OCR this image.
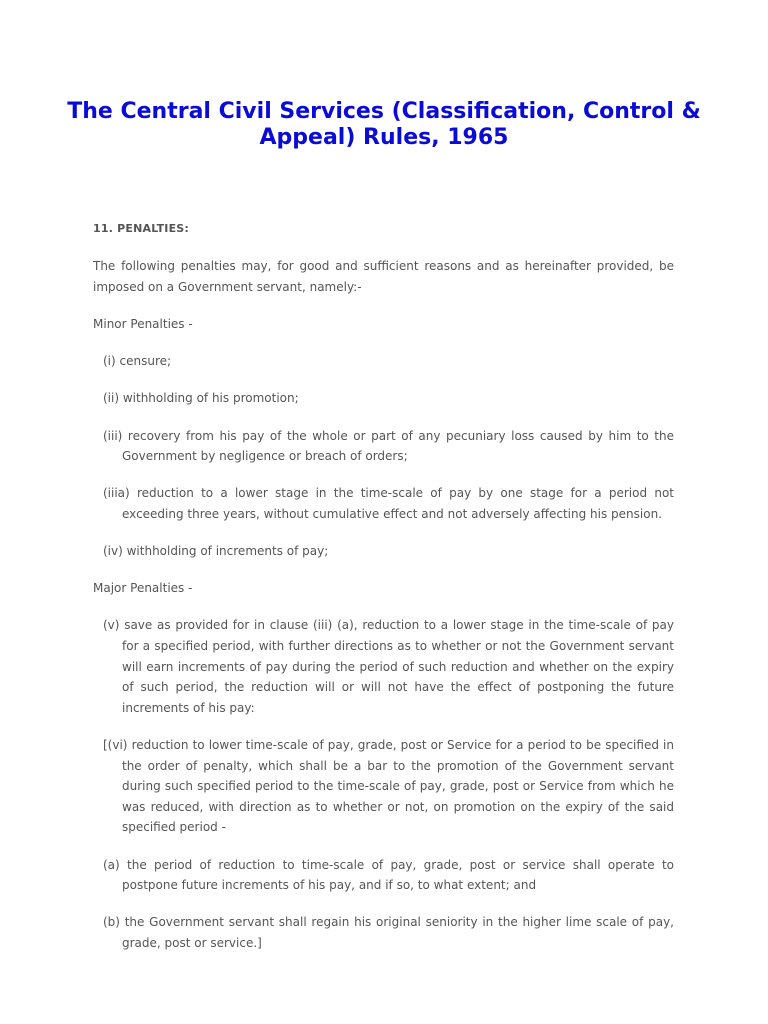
The Central Civil Services (Classification, Control & Appeal) Rules, 1965

11. PENALTIES:

The following penalties may, for good and sufficient reasons and as hereinafter provided, be imposed on a Government servant, namely:-

Minor Penalties -

(i) censure;

(ii) withholding of his promotion;

(iii) recovery from his pay of the whole or part of any pecuniary loss caused by him to the Government by negligence or breach of orders;

(iiia) reduction to a lower stage in the time-scale of pay by one stage for a period not exceeding three years, without cumulative effect and not adversely affecting his pension.

(iv) withholding of increments of pay;

Major Penalties -

(v) save as provided for in clause (iii) (a), reduction to a lower stage in the time-scale of pay for a specified period, with further directions as to whether or not the Government servant will earn increments of pay during the period of such reduction and whether on the expiry of such period, the reduction will or will not have the effect of postponing the future increments of his pay:

[(vi) reduction to lower time-scale of pay, grade, post or Service for a period to be specified in the order of penalty, which shall be a bar to the promotion of the Government servant during such specified period to the time-scale of pay, grade, post or Service from which he was reduced, with direction as to whether or not, on promotion on the expiry of the said specified period -

(a) the period of reduction to time-scale of pay, grade, post or service shall operate to postpone future increments of his pay, and if so, to what extent; and

(b) the Government servant shall regain his original seniority in the higher lime scale of pay, grade, post or service.]
